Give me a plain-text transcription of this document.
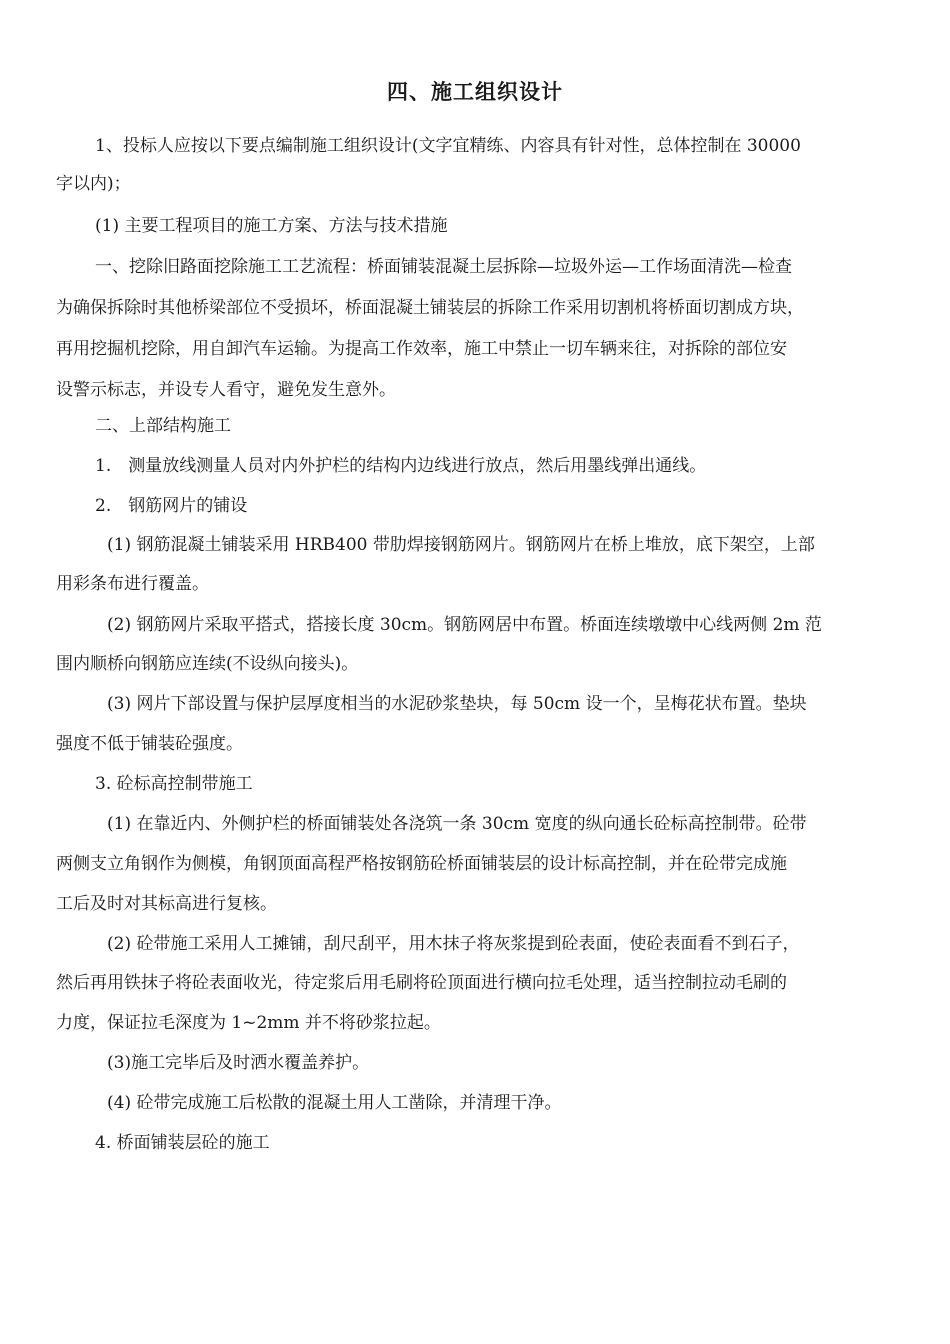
四、施工组织设计
1、投标人应按以下要点编制施工组织设计(文字宜精练、内容具有针对性，总体控制在 30000
字以内)；
(1) 主要工程项目的施工方案、方法与技术措施
一、挖除旧路面挖除施工工艺流程：桥面铺装混凝土层拆除—垃圾外运—工作场面清洗—检查
为确保拆除时其他桥梁部位不受损坏，桥面混凝土铺装层的拆除工作采用切割机将桥面切割成方块，
再用挖掘机挖除，用自卸汽车运输。为提高工作效率，施工中禁止一切车辆来往，对拆除的部位安
设警示标志，并设专人看守，避免发生意外。
二、上部结构施工
1.　测量放线测量人员对内外护栏的结构内边线进行放点，然后用墨线弹出通线。
2.　钢筋网片的铺设
(1) 钢筋混凝土铺装采用 HRB400 带肋焊接钢筋网片。钢筋网片在桥上堆放，底下架空，上部
用彩条布进行覆盖。
(2) 钢筋网片采取平搭式，搭接长度 30cm。钢筋网居中布置。桥面连续墩墩中心线两侧 2m 范
围内顺桥向钢筋应连续(不设纵向接头)。
(3) 网片下部设置与保护层厚度相当的水泥砂浆垫块，每 50cm 设一个，呈梅花状布置。垫块
强度不低于铺装砼强度。
3. 砼标高控制带施工
(1) 在靠近内、外侧护栏的桥面铺装处各浇筑一条 30cm 宽度的纵向通长砼标高控制带。砼带
两侧支立角钢作为侧模，角钢顶面高程严格按钢筋砼桥面铺装层的设计标高控制，并在砼带完成施
工后及时对其标高进行复核。
(2) 砼带施工采用人工摊铺，刮尺刮平，用木抹子将灰浆提到砼表面，使砼表面看不到石子，
然后再用铁抹子将砼表面收光，待定浆后用毛刷将砼顶面进行横向拉毛处理，适当控制拉动毛刷的
力度，保证拉毛深度为 1~2mm 并不将砂浆拉起。
(3)施工完毕后及时洒水覆盖养护。
(4) 砼带完成施工后松散的混凝土用人工凿除，并清理干净。
4. 桥面铺装层砼的施工
